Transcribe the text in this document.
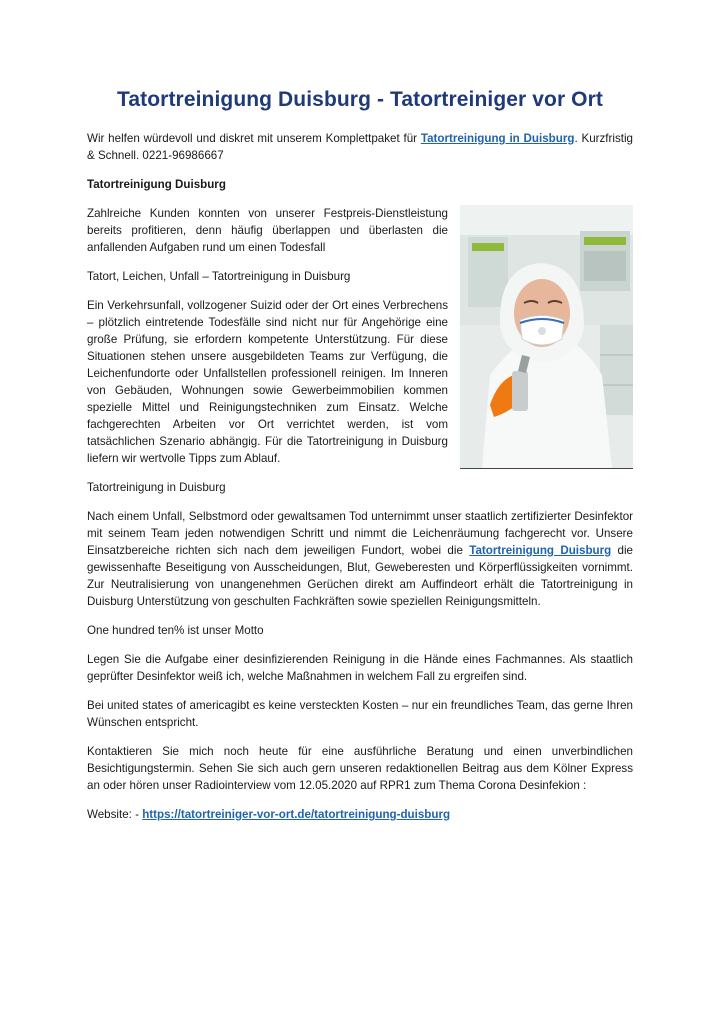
Tatortreinigung Duisburg - Tatortreiniger vor Ort

Wir helfen würdevoll und diskret mit unserem Komplettpaket für Tatortreinigung in Duisburg. Kurzfristig & Schnell. 0221-96986667

Tatortreinigung Duisburg

Zahlreiche Kunden konnten von unserer Festpreis-Dienstleistung bereits profitieren, denn häufig überlappen und überlasten die anfallenden Aufgaben rund um einen Todesfall

Tatort, Leichen, Unfall – Tatortreinigung in Duisburg

Ein Verkehrsunfall, vollzogener Suizid oder der Ort eines Verbrechens – plötzlich eintretende Todesfälle sind nicht nur für Angehörige eine große Prüfung, sie erfordern kompetente Unterstützung. Für diese Situationen stehen unsere ausgebildeten Teams zur Verfügung, die Leichenfundorte oder Unfallstellen professionell reinigen. Im Inneren von Gebäuden, Wohnungen sowie Gewerbeimmobilien kommen spezielle Mittel und Reinigungstechniken zum Einsatz. Welche fachgerechten Arbeiten vor Ort verrichtet werden, ist vom tatsächlichen Szenario abhängig. Für die Tatortreinigung in Duisburg liefern wir wertvolle Tipps zum Ablauf.

Tatortreinigung in Duisburg

Nach einem Unfall, Selbstmord oder gewaltsamen Tod unternimmt unser staatlich zertifizierter Desinfektor mit seinem Team jeden notwendigen Schritt und nimmt die Leichenräumung fachgerecht vor. Unsere Einsatzbereiche richten sich nach dem jeweiligen Fundort, wobei die Tatortreinigung Duisburg die gewissenhafte Beseitigung von Ausscheidungen, Blut, Geweberesten und Körperflüssigkeiten vornimmt. Zur Neutralisierung von unangenehmen Gerüchen direkt am Auffindeort erhält die Tatortreinigung in Duisburg Unterstützung von geschulten Fachkräften sowie speziellen Reinigungsmitteln.

One hundred ten% ist unser Motto

Legen Sie die Aufgabe einer desinfizierenden Reinigung in die Hände eines Fachmannes. Als staatlich geprüfter Desinfektor weiß ich, welche Maßnahmen in welchem Fall zu ergreifen sind.

Bei united states of americagibt es keine versteckten Kosten – nur ein freundliches Team, das gerne Ihren Wünschen entspricht.

Kontaktieren Sie mich noch heute für eine ausführliche Beratung und einen unverbindlichen Besichtigungstermin. Sehen Sie sich auch gern unseren redaktionellen Beitrag aus dem Kölner Express an oder hören unser Radiointerview vom 12.05.2020 auf RPR1 zum Thema Corona Desinfekion :

Website: - https://tatortreiniger-vor-ort.de/tatortreinigung-duisburg
